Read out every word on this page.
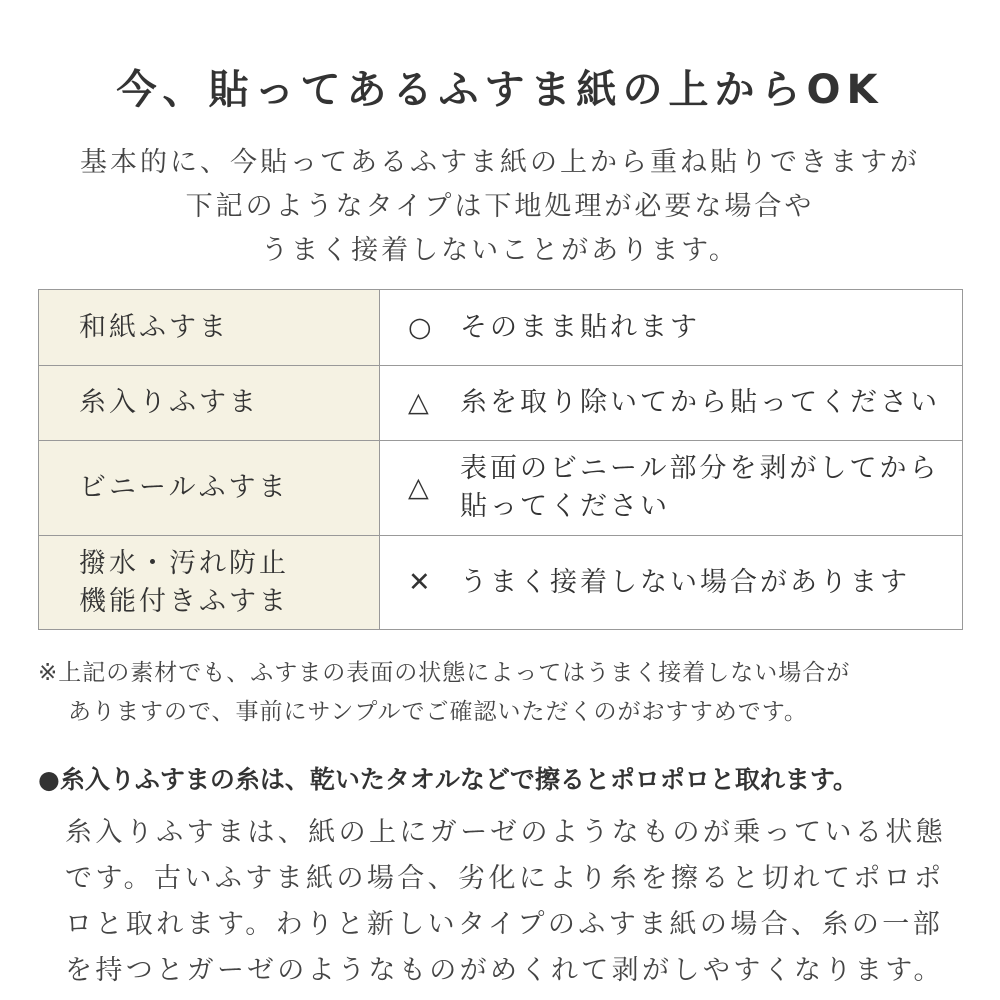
今、貼ってあるふすま紙の上からOK
基本的に、今貼ってあるふすま紙の上から重ね貼りできますが
下記のようなタイプは下地処理が必要な場合や
うまく接着しないことがあります。
和紙ふすま	○ そのまま貼れます
糸入りふすま	△ 糸を取り除いてから貼ってください
ビニールふすま	△表面のビニール部分を剥がしてから
貼ってください
撥水・汚れ防止
機能付きふすま	✕ うまく接着しない場合があります
※上記の素材でも、ふすまの表面の状態によってはうまく接着しない場合が
ありますので、事前にサンプルでご確認いただくのがおすすめです。
●糸入りふすまの糸は、乾いたタオルなどで擦るとポロポロと取れます。
糸入りふすまは、紙の上にガーゼのようなものが乗っている状態
です。古いふすま紙の場合、劣化により糸を擦ると切れてポロポ
ロと取れます。わりと新しいタイプのふすま紙の場合、糸の一部
を持つとガーゼのようなものがめくれて剥がしやすくなります。
